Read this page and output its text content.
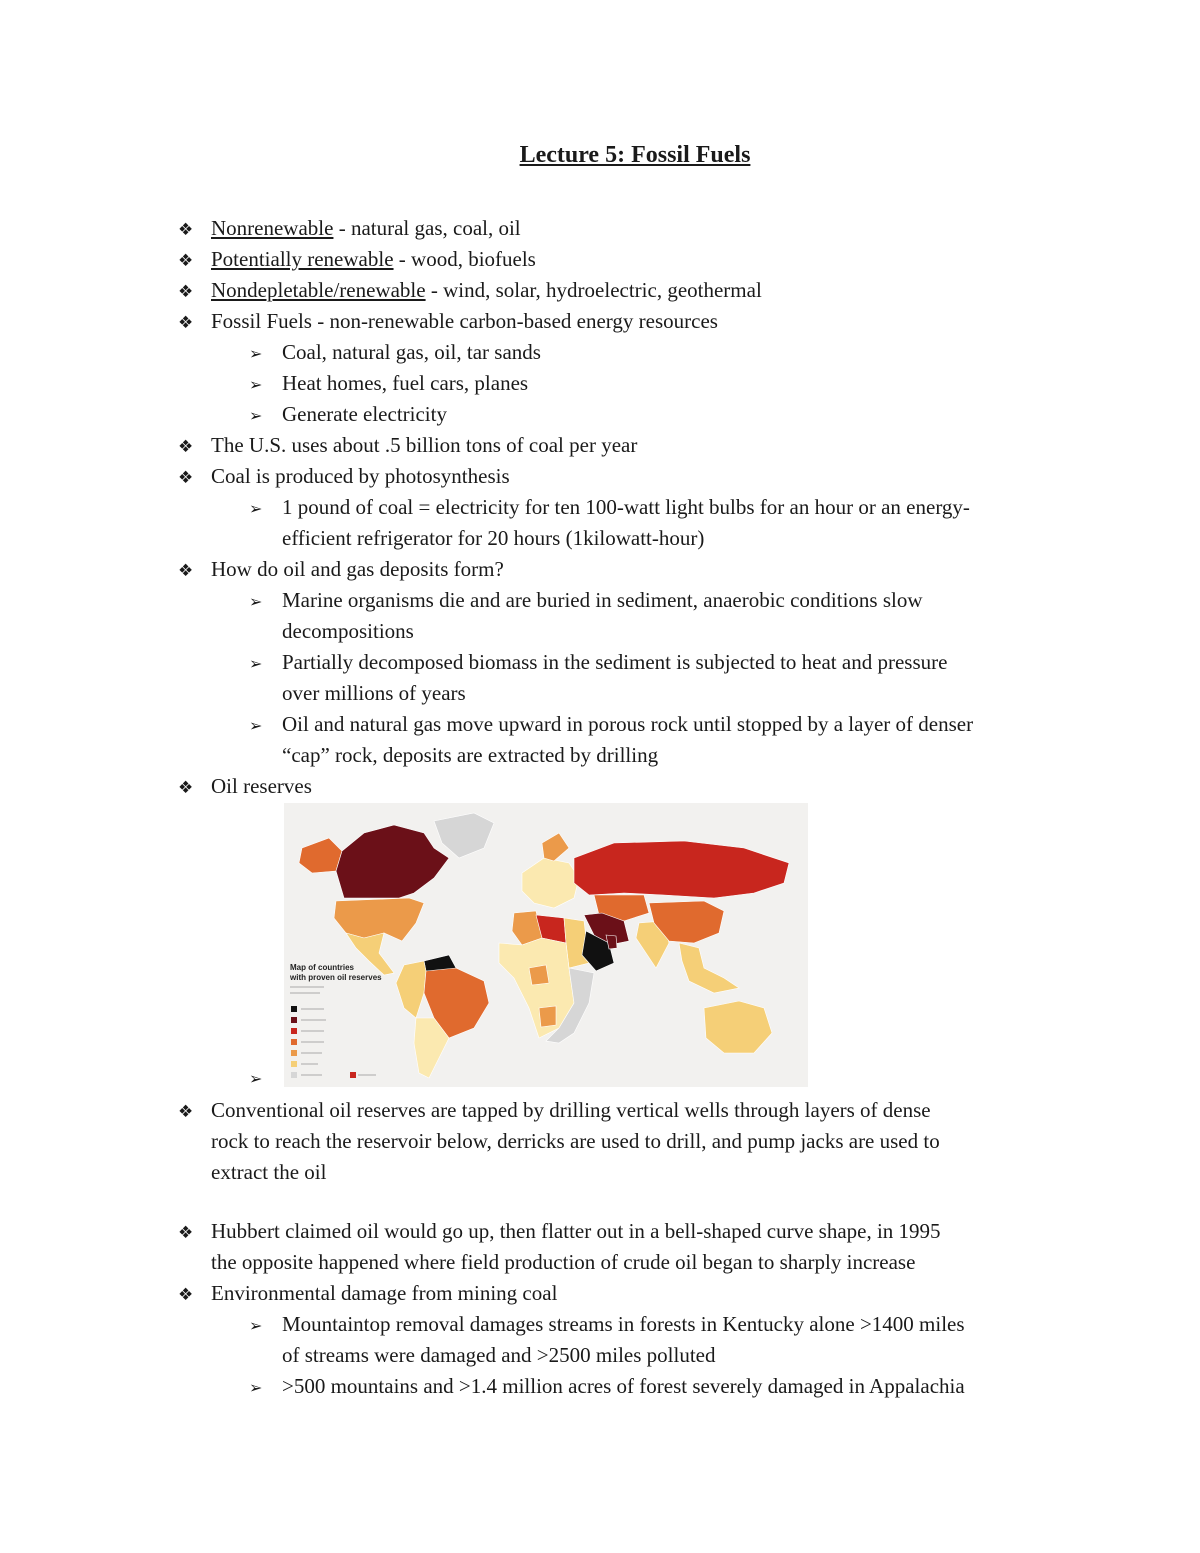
Lecture 5: Fossil Fuels
❖ Nonrenewable - natural gas, coal, oil
❖ Potentially renewable - wood, biofuels
❖ Nondepletable/renewable - wind, solar, hydroelectric, geothermal
❖ Fossil Fuels - non-renewable carbon-based energy resources
➢ Coal, natural gas, oil, tar sands
➢ Heat homes, fuel cars, planes
➢ Generate electricity
❖ The U.S. uses about .5 billion tons of coal per year
❖ Coal is produced by photosynthesis
➢ 1 pound of coal = electricity for ten 100-watt light bulbs for an hour or an energy-
efficient refrigerator for 20 hours (1kilowatt-hour)
❖ How do oil and gas deposits form?
➢ Marine organisms die and are buried in sediment, anaerobic conditions slow
decompositions
➢ Partially decomposed biomass in the sediment is subjected to heat and pressure
over millions of years
➢ Oil and natural gas move upward in porous rock until stopped by a layer of denser
“cap” rock, deposits are extracted by drilling
❖ Oil reserves
➢
Map of countries
with proven oil reserves
❖ Conventional oil reserves are tapped by drilling vertical wells through layers of dense
rock to reach the reservoir below, derricks are used to drill, and pump jacks are used to
extract the oil
❖ Hubbert claimed oil would go up, then flatter out in a bell-shaped curve shape, in 1995
the opposite happened where field production of crude oil began to sharply increase
❖ Environmental damage from mining coal
➢ Mountaintop removal damages streams in forests in Kentucky alone >1400 miles
of streams were damaged and >2500 miles polluted
➢ >500 mountains and >1.4 million acres of forest severely damaged in Appalachia
